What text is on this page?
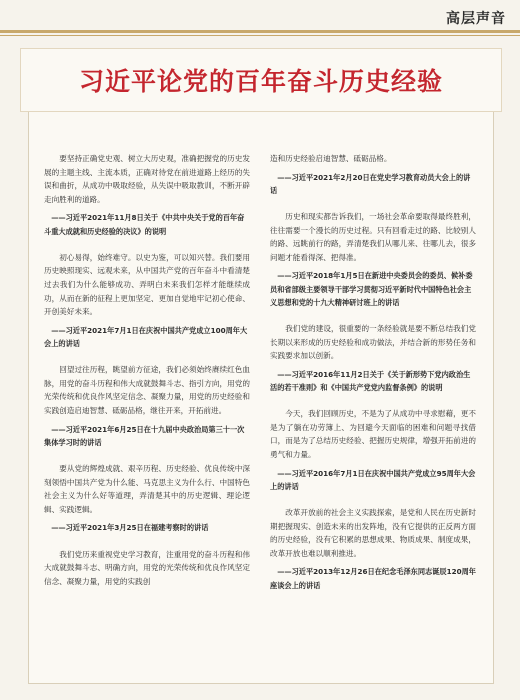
高层声音
习近平论党的百年奋斗历史经验

要坚持正确党史观、树立大历史观，准确把握党的历史发展的主题主线、主流本质，正确对待党在前进道路上经历的失误和曲折，从成功中吸取经验，从失误中吸取教训，不断开辟走向胜利的道路。

——习近平2021年11月8日关于《中共中央关于党的百年奋斗重大成就和历史经验的决议》的说明

初心易得，始终难守。以史为鉴，可以知兴替。我们要用历史映照现实、远观未来，从中国共产党的百年奋斗中看清楚过去我们为什么能够成功、弄明白未来我们怎样才能继续成功，从而在新的征程上更加坚定、更加自觉地牢记初心使命、开创美好未来。

——习近平2021年7月1日在庆祝中国共产党成立100周年大会上的讲话

回望过往历程，眺望前方征途，我们必须始终赓续红色血脉，用党的奋斗历程和伟大成就鼓舞斗志、指引方向，用党的光荣传统和优良作风坚定信念、凝聚力量，用党的历史经验和实践创造启迪智慧、砥砺品格，继往开来，开拓前进。

——习近平2021年6月25日在十九届中央政治局第三十一次集体学习时的讲话

要从党的辉煌成就、艰辛历程、历史经验、优良传统中深刻领悟中国共产党为什么能、马克思主义为什么行、中国特色社会主义为什么好等道理，弄清楚其中的历史逻辑、理论逻辑、实践逻辑。

——习近平2021年3月25日在福建考察时的讲话

我们党历来重视党史学习教育，注重用党的奋斗历程和伟大成就鼓舞斗志、明确方向，用党的光荣传统和优良作风坚定信念、凝聚力量，用党的实践创

造和历史经验启迪智慧、砥砺品格。

——习近平2021年2月20日在党史学习教育动员大会上的讲话

历史和现实都告诉我们，一场社会革命要取得最终胜利，往往需要一个漫长的历史过程。只有回看走过的路、比较别人的路、远眺前行的路，弄清楚我们从哪儿来、往哪儿去，很多问题才能看得深、把得准。

——习近平2018年1月5日在新进中央委员会的委员、候补委员和省部级主要领导干部学习贯彻习近平新时代中国特色社会主义思想和党的十九大精神研讨班上的讲话

我们党的建设，很重要的一条经验就是要不断总结我们党长期以来形成的历史经验和成功做法，并结合新的形势任务和实践要求加以创新。

——习近平2016年11月2日关于《关于新形势下党内政治生活的若干准则》和《中国共产党党内监督条例》的说明

今天，我们回顾历史，不是为了从成功中寻求慰藉，更不是为了躺在功劳簿上、为回避今天面临的困难和问题寻找借口，而是为了总结历史经验、把握历史规律，增强开拓前进的勇气和力量。

——习近平2016年7月1日在庆祝中国共产党成立95周年大会上的讲话

改革开放前的社会主义实践探索，是党和人民在历史新时期把握现实、创造未来的出发阵地，没有它提供的正反两方面的历史经验，没有它积累的思想成果、物质成果、制度成果，改革开放也难以顺利推进。

——习近平2013年12月26日在纪念毛泽东同志诞辰120周年座谈会上的讲话
